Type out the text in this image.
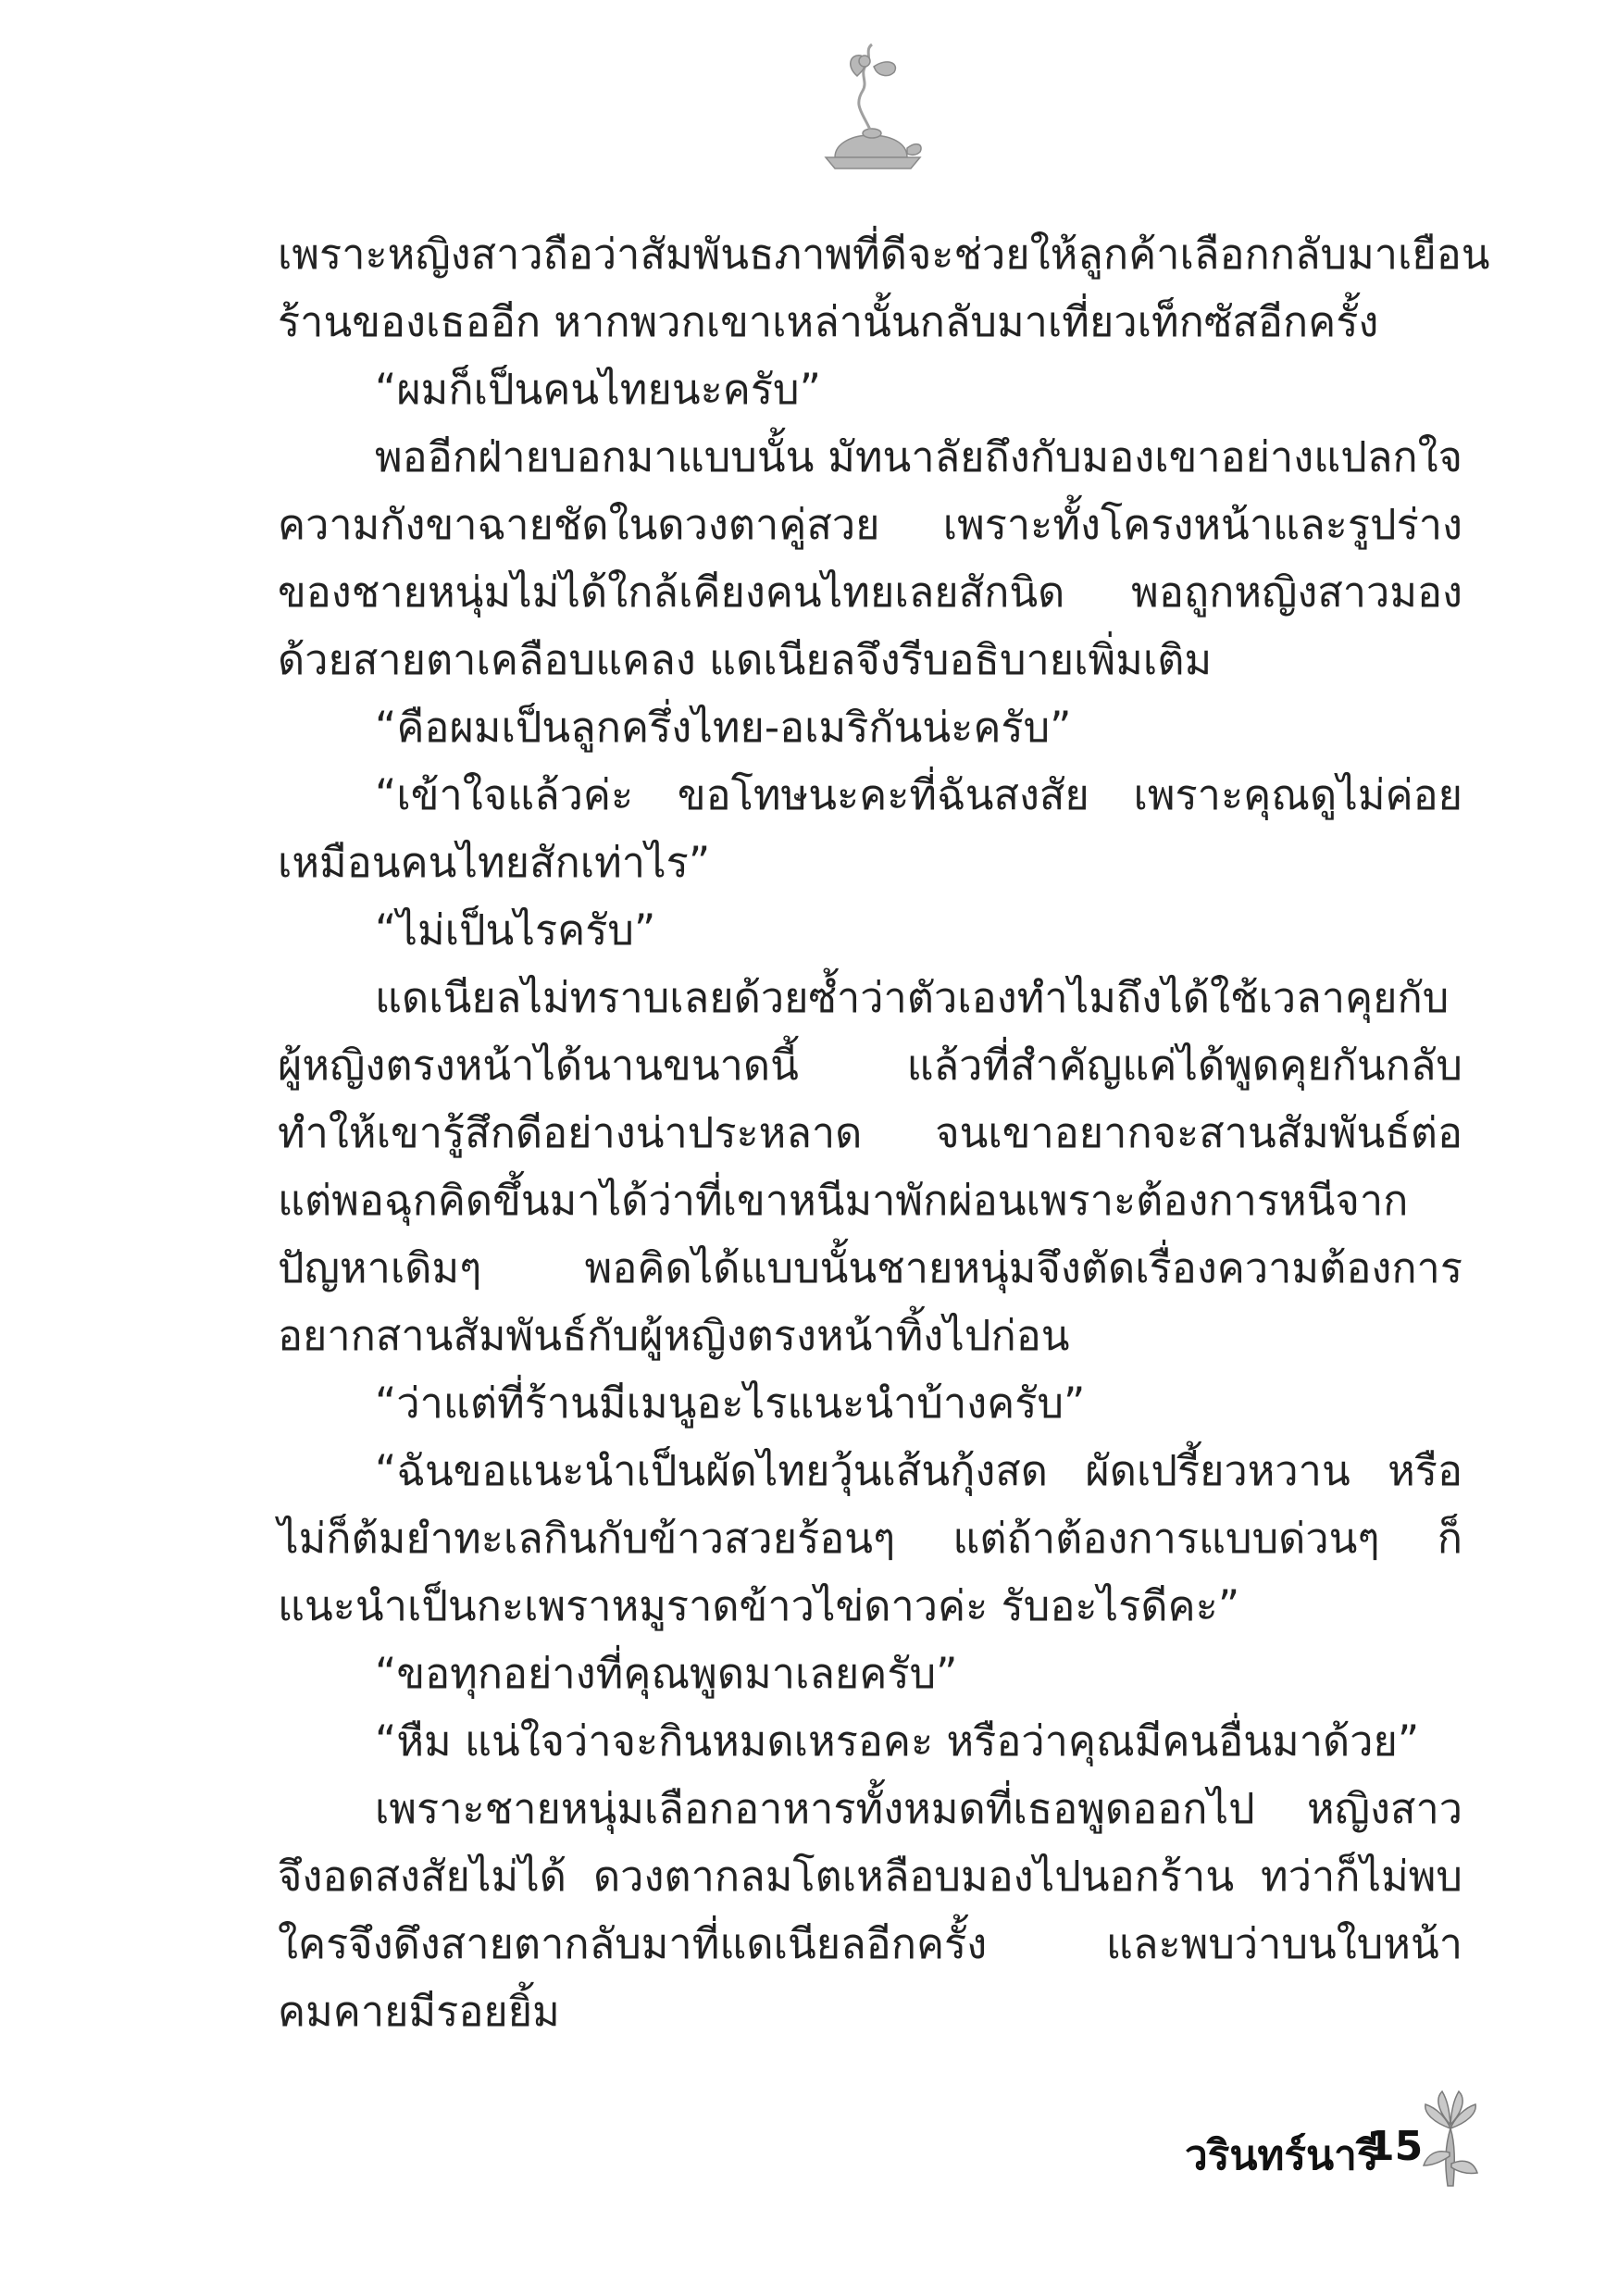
เพราะหญิงสาวถือว่าสัมพันธภาพที่ดีจะช่วยให้ลูกค้าเลือกกลับมาเยือน

ร้านของเธออีก หากพวกเขาเหล่านั้นกลับมาเที่ยวเท็กซัสอีกครั้ง

“ผมก็เป็นคนไทยนะครับ”

พออีกฝ่ายบอกมาแบบนั้น มัทนาลัยถึงกับมองเขาอย่างแปลกใจ ความกังขาฉายชัดในดวงตาคู่สวย เพราะทั้งโครงหน้าและรูปร่างของชายหนุ่มไม่ได้ใกล้เคียงคนไทยเลยสักนิด พอถูกหญิงสาวมองด้วยสายตาเคลือบแคลง แดเนียลจึงรีบอธิบายเพิ่มเติม

“คือผมเป็นลูกครึ่งไทย-อเมริกันน่ะครับ”

“เข้าใจแล้วค่ะ ขอโทษนะคะที่ฉันสงสัย เพราะคุณดูไม่ค่อยเหมือนคนไทยสักเท่าไร”

“ไม่เป็นไรครับ”

แดเนียลไม่ทราบเลยด้วยซ้ำว่าตัวเองทำไมถึงได้ใช้เวลาคุยกับผู้หญิงตรงหน้าได้นานขนาดนี้ แล้วที่สำคัญแค่ได้พูดคุยกันกลับทำให้เขารู้สึกดีอย่างน่าประหลาด จนเขาอยากจะสานสัมพันธ์ต่อ แต่พอฉุกคิดขึ้นมาได้ว่าที่เขาหนีมาพักผ่อนเพราะต้องการหนีจากปัญหาเดิมๆ พอคิดได้แบบนั้นชายหนุ่มจึงตัดเรื่องความต้องการอยากสานสัมพันธ์กับผู้หญิงตรงหน้าทิ้งไปก่อน

“ว่าแต่ที่ร้านมีเมนูอะไรแนะนำบ้างครับ”

“ฉันขอแนะนำเป็นผัดไทยวุ้นเส้นกุ้งสด ผัดเปรี้ยวหวาน หรือไม่ก็ต้มยำทะเลกินกับข้าวสวยร้อนๆ แต่ถ้าต้องการแบบด่วนๆ ก็แนะนำเป็นกะเพราหมูราดข้าวไข่ดาวค่ะ รับอะไรดีคะ”

“ขอทุกอย่างที่คุณพูดมาเลยครับ”

“หืม แน่ใจว่าจะกินหมดเหรอคะ หรือว่าคุณมีคนอื่นมาด้วย”

เพราะชายหนุ่มเลือกอาหารทั้งหมดที่เธอพูดออกไป หญิงสาวจึงอดสงสัยไม่ได้ ดวงตากลมโตเหลือบมองไปนอกร้าน ทว่าก็ไม่พบใครจึงดึงสายตากลับมาที่แดเนียลอีกครั้ง และพบว่าบนใบหน้าคมคายมีรอยยิ้ม

วรินทร์นารี
15
